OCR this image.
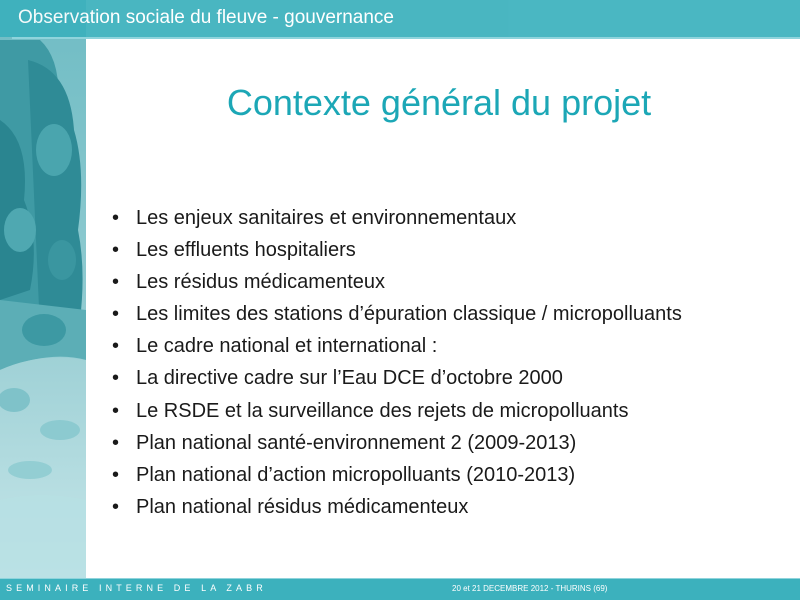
Observation sociale du fleuve - gouvernance
Contexte général du projet
• Les enjeux sanitaires et environnementaux
• Les effluents hospitaliers
• Les résidus médicamenteux
• Les limites des stations d’épuration classique / micropolluants
• Le cadre national et international :
• La directive cadre sur l’Eau DCE d’octobre 2000
• Le RSDE et la surveillance des rejets de micropolluants
• Plan national santé-environnement 2 (2009-2013)
• Plan national d’action micropolluants (2010-2013)
• Plan national résidus médicamenteux
SEMINAIRE INTERNE DE LA ZABR	20 et 21 DECEMBRE 2012 - THURINS (69)
